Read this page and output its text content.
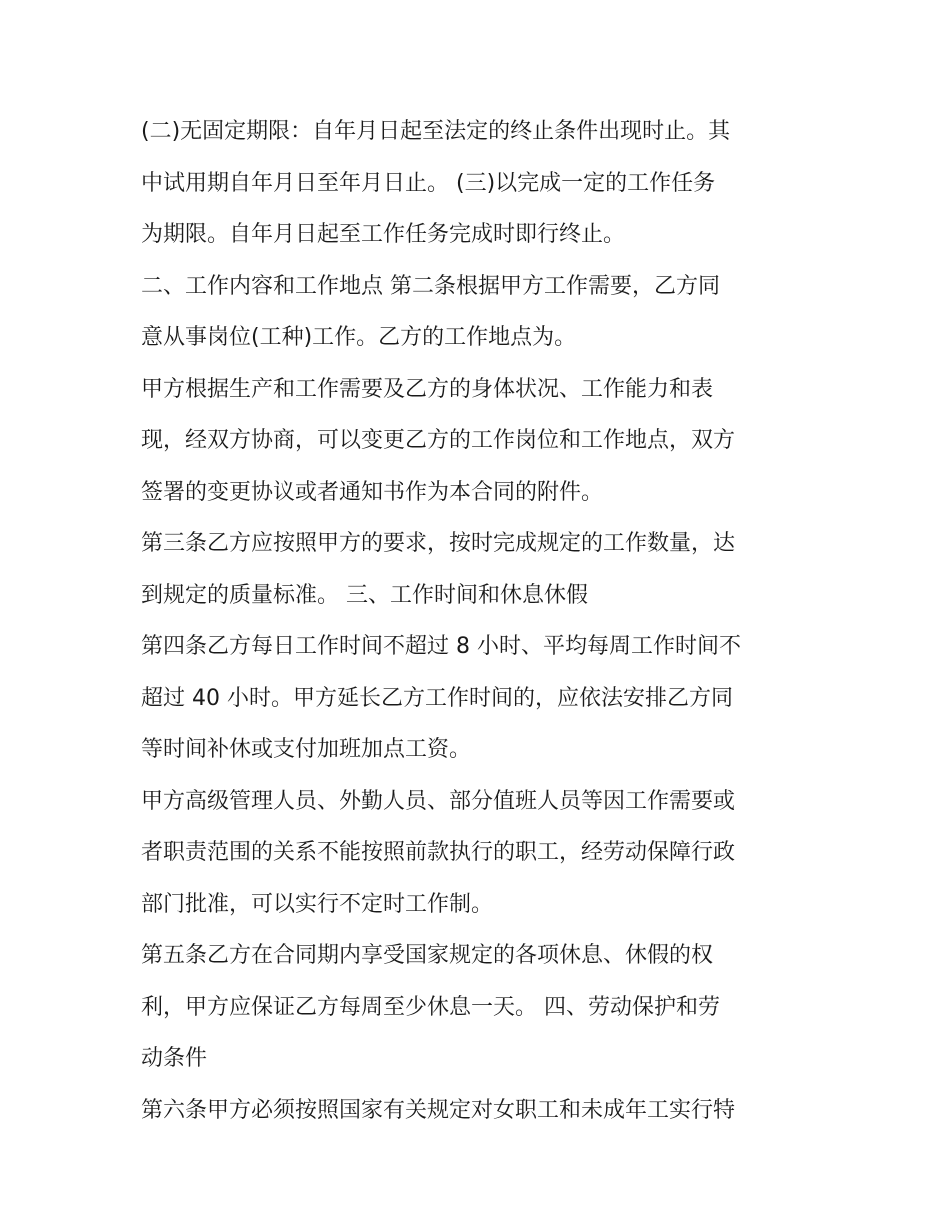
(二)无固定期限：自年月日起至法定的终止条件出现时止。其
中试用期自年月日至年月日止。 (三)以完成一定的工作任务
为期限。自年月日起至工作任务完成时即行终止。
二、工作内容和工作地点 第二条根据甲方工作需要，乙方同
意从事岗位(工种)工作。乙方的工作地点为。
甲方根据生产和工作需要及乙方的身体状况、工作能力和表
现，经双方协商，可以变更乙方的工作岗位和工作地点，双方
签署的变更协议或者通知书作为本合同的附件。
第三条乙方应按照甲方的要求，按时完成规定的工作数量，达
到规定的质量标准。 三、工作时间和休息休假
第四条乙方每日工作时间不超过 8 小时、平均每周工作时间不
超过 40 小时。甲方延长乙方工作时间的，应依法安排乙方同
等时间补休或支付加班加点工资。
甲方高级管理人员、外勤人员、部分值班人员等因工作需要或
者职责范围的关系不能按照前款执行的职工，经劳动保障行政
部门批准，可以实行不定时工作制。
第五条乙方在合同期内享受国家规定的各项休息、休假的权
利，甲方应保证乙方每周至少休息一天。 四、劳动保护和劳
动条件
第六条甲方必须按照国家有关规定对女职工和未成年工实行特
